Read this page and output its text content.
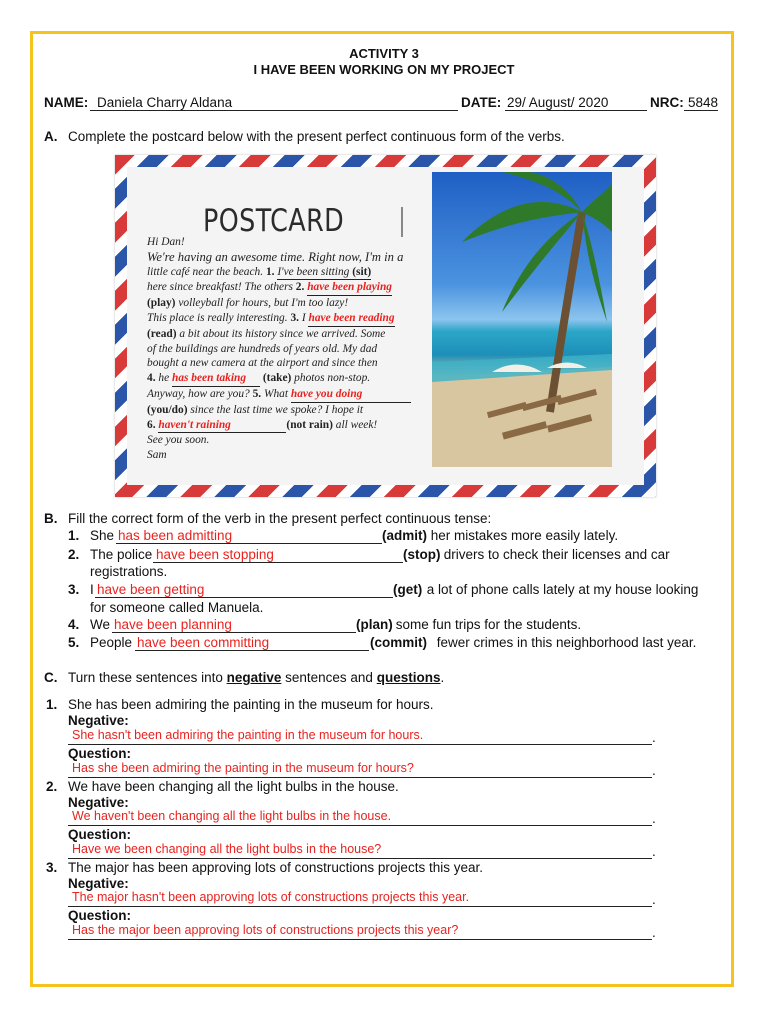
ACTIVITY 3
I HAVE BEEN WORKING ON MY PROJECT
NAME: Daniela Charry Aldana	DATE: 29/ August/ 2020	NRC: 5848
A. Complete the postcard below with the present perfect continuous form of the verbs.
POSTCARD
Hi Dan!
We're having an awesome time. Right now, I'm in a
little café near the beach. 1. I've been sitting (sit)
here since breakfast! The others 2. have been playing
(play) volleyball for hours, but I'm too lazy!
This place is really interesting. 3. I have been reading
(read) a bit about its history since we arrived. Some
of the buildings are hundreds of years old. My dad
bought a new camera at the airport and since then
4. he has been taking (take) photos non-stop.
Anyway, how are you? 5. What have you doing
(you/do) since the last time we spoke? I hope it
6. haven't raining	(not rain) all week!
See you soon.
Sam
B. Fill the correct form of the verb in the present perfect continuous tense:
1. She has been admitting	(admit) her mistakes more easily lately.
2. The police have been stopping	(stop) drivers to check their licenses and car
registrations.
3. I have been getting	(get) a lot of phone calls lately at my house looking
for someone called Manuela.
4. We have been planning	(plan) some fun trips for the students.
5. People have been committing	(commit) fewer crimes in this neighborhood last year.
C. Turn these sentences into negative sentences and questions.
1. She has been admiring the painting in the museum for hours.
Negative:
She hasn't been admiring the painting in the museum for hours.	.
Question:
Has she been admiring the painting in the museum for hours?	.
2. We have been changing all the light bulbs in the house.
Negative:
We haven't been changing all the light bulbs in the house.	.
Question:
Have we been changing all the light bulbs in the house?	.
3. The major has been approving lots of constructions projects this year.
Negative:
The major hasn't been approving lots of constructions projects this year.	.
Question:
Has the major been approving lots of constructions projects this year?	.
